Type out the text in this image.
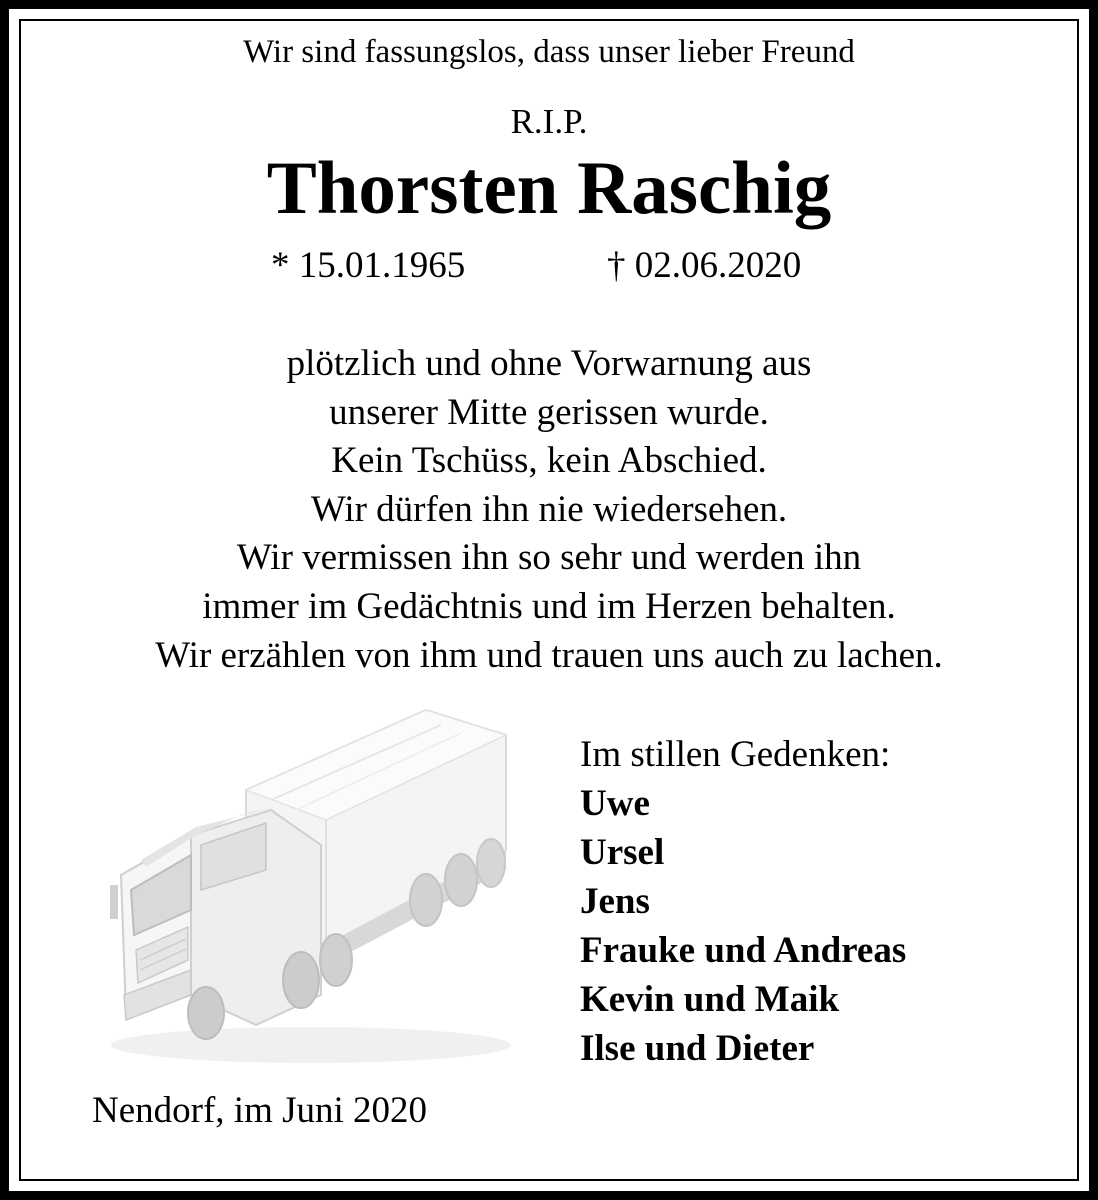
Wir sind fassungslos, dass unser lieber Freund
R.I.P.
Thorsten Raschig
* 15.01.1965	† 02.06.2020
plötzlich und ohne Vorwarnung aus
unserer Mitte gerissen wurde.
Kein Tschüss, kein Abschied.
Wir dürfen ihn nie wiedersehen.
Wir vermissen ihn so sehr und werden ihn
immer im Gedächtnis und im Herzen behalten.
Wir erzählen von ihm und trauen uns auch zu lachen.
Im stillen Gedenken:
Uwe
Ursel
Jens
Frauke und Andreas
Kevin und Maik
Ilse und Dieter
Nendorf, im Juni 2020
